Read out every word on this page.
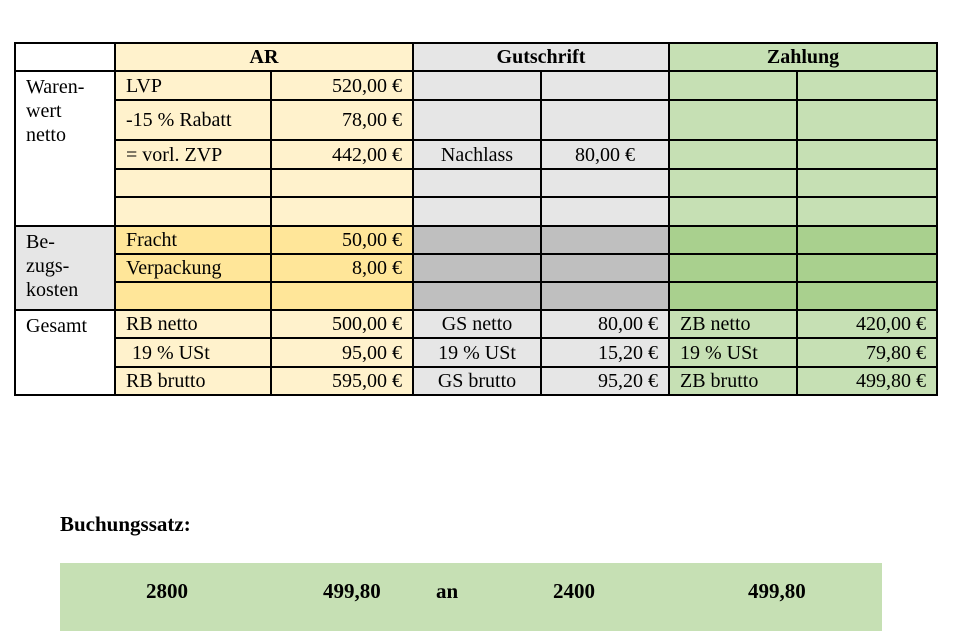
	AR		Gutschrift		Zahlung	
Waren-
wert
netto	LVP	520,00 €				
	-15 % Rabatt	78,00 €				
	= vorl. ZVP	442,00 €	Nachlass	80,00 €		

Be-
zugs-
kosten	Fracht	50,00 €				
	Verpackung	8,00 €				

Gesamt	RB netto	500,00 €	GS netto	80,00 €	ZB netto	420,00 €
	19 % USt	95,00 €	19 % USt	15,20 €	19 % USt	79,80 €
	RB brutto	595,00 €	GS brutto	95,20 €	ZB brutto	499,80 €
Buchungssatz:
2800	499,80	an	2400	499,80
